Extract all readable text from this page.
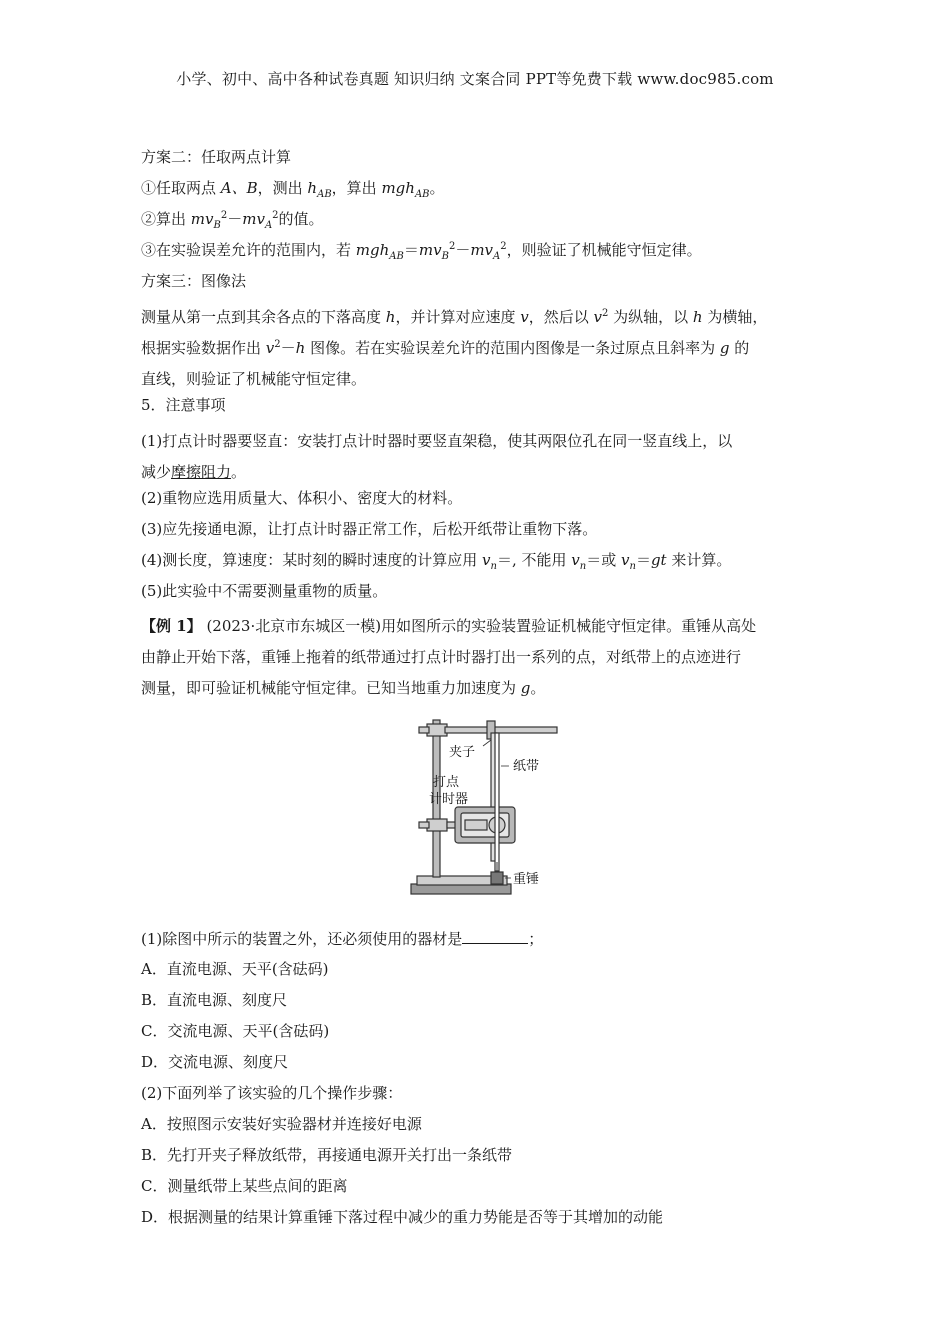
小学、初中、高中各种试卷真题 知识归纳 文案合同 PPT等免费下载 www.doc985.com
方案二：任取两点计算
①任取两点 A、B，测出 $h_{AB}$，算出 mgh$_{AB}$。
②算出 $mv_B^2-mv_A^2$的值。
③在实验误差允许的范围内，若 $mgh_{AB}=mv_B^2-mv_A^2$，则验证了机械能守恒定律。
方案三：图像法
测量从第一点到其余各点的下落高度 h，并计算对应速度 v，然后以 $v^2$ 为纵轴，以 h 为横轴，
根据实验数据作出 $v^2-h$ 图像。若在实验误差允许的范围内图像是一条过原点且斜率为 g 的
直线，则验证了机械能守恒定律。
5．注意事项
(1)打点计时器要竖直：安装打点计时器时要竖直架稳，使其两限位孔在同一竖直线上，以
减少摩擦阻力。
(2)重物应选用质量大、体积小、密度大的材料。
(3)应先接通电源，让打点计时器正常工作，后松开纸带让重物下落。
(4)测长度，算速度：某时刻的瞬时速度的计算应用 $v_n=$, 不能用 $v_n=$或 $v_n=gt$ 来计算。
(5)此实验中不需要测量重物的质量。
【例 1】 (2023·北京市东城区一模)用如图所示的实验装置验证机械能守恒定律。重锤从高处
由静止开始下落，重锤上拖着的纸带通过打点计时器打出一系列的点，对纸带上的点迹进行
测量，即可验证机械能守恒定律。已知当地重力加速度为 g。
夹子
纸带
打点
计时器
重锤
(1)除图中所示的装置之外，还必须使用的器材是	；
A．直流电源、天平(含砝码)
B．直流电源、刻度尺
C．交流电源、天平(含砝码)
D．交流电源、刻度尺
(2)下面列举了该实验的几个操作步骤：
A．按照图示安装好实验器材并连接好电源
B．先打开夹子释放纸带，再接通电源开关打出一条纸带
C．测量纸带上某些点间的距离
D．根据测量的结果计算重锤下落过程中减少的重力势能是否等于其增加的动能
